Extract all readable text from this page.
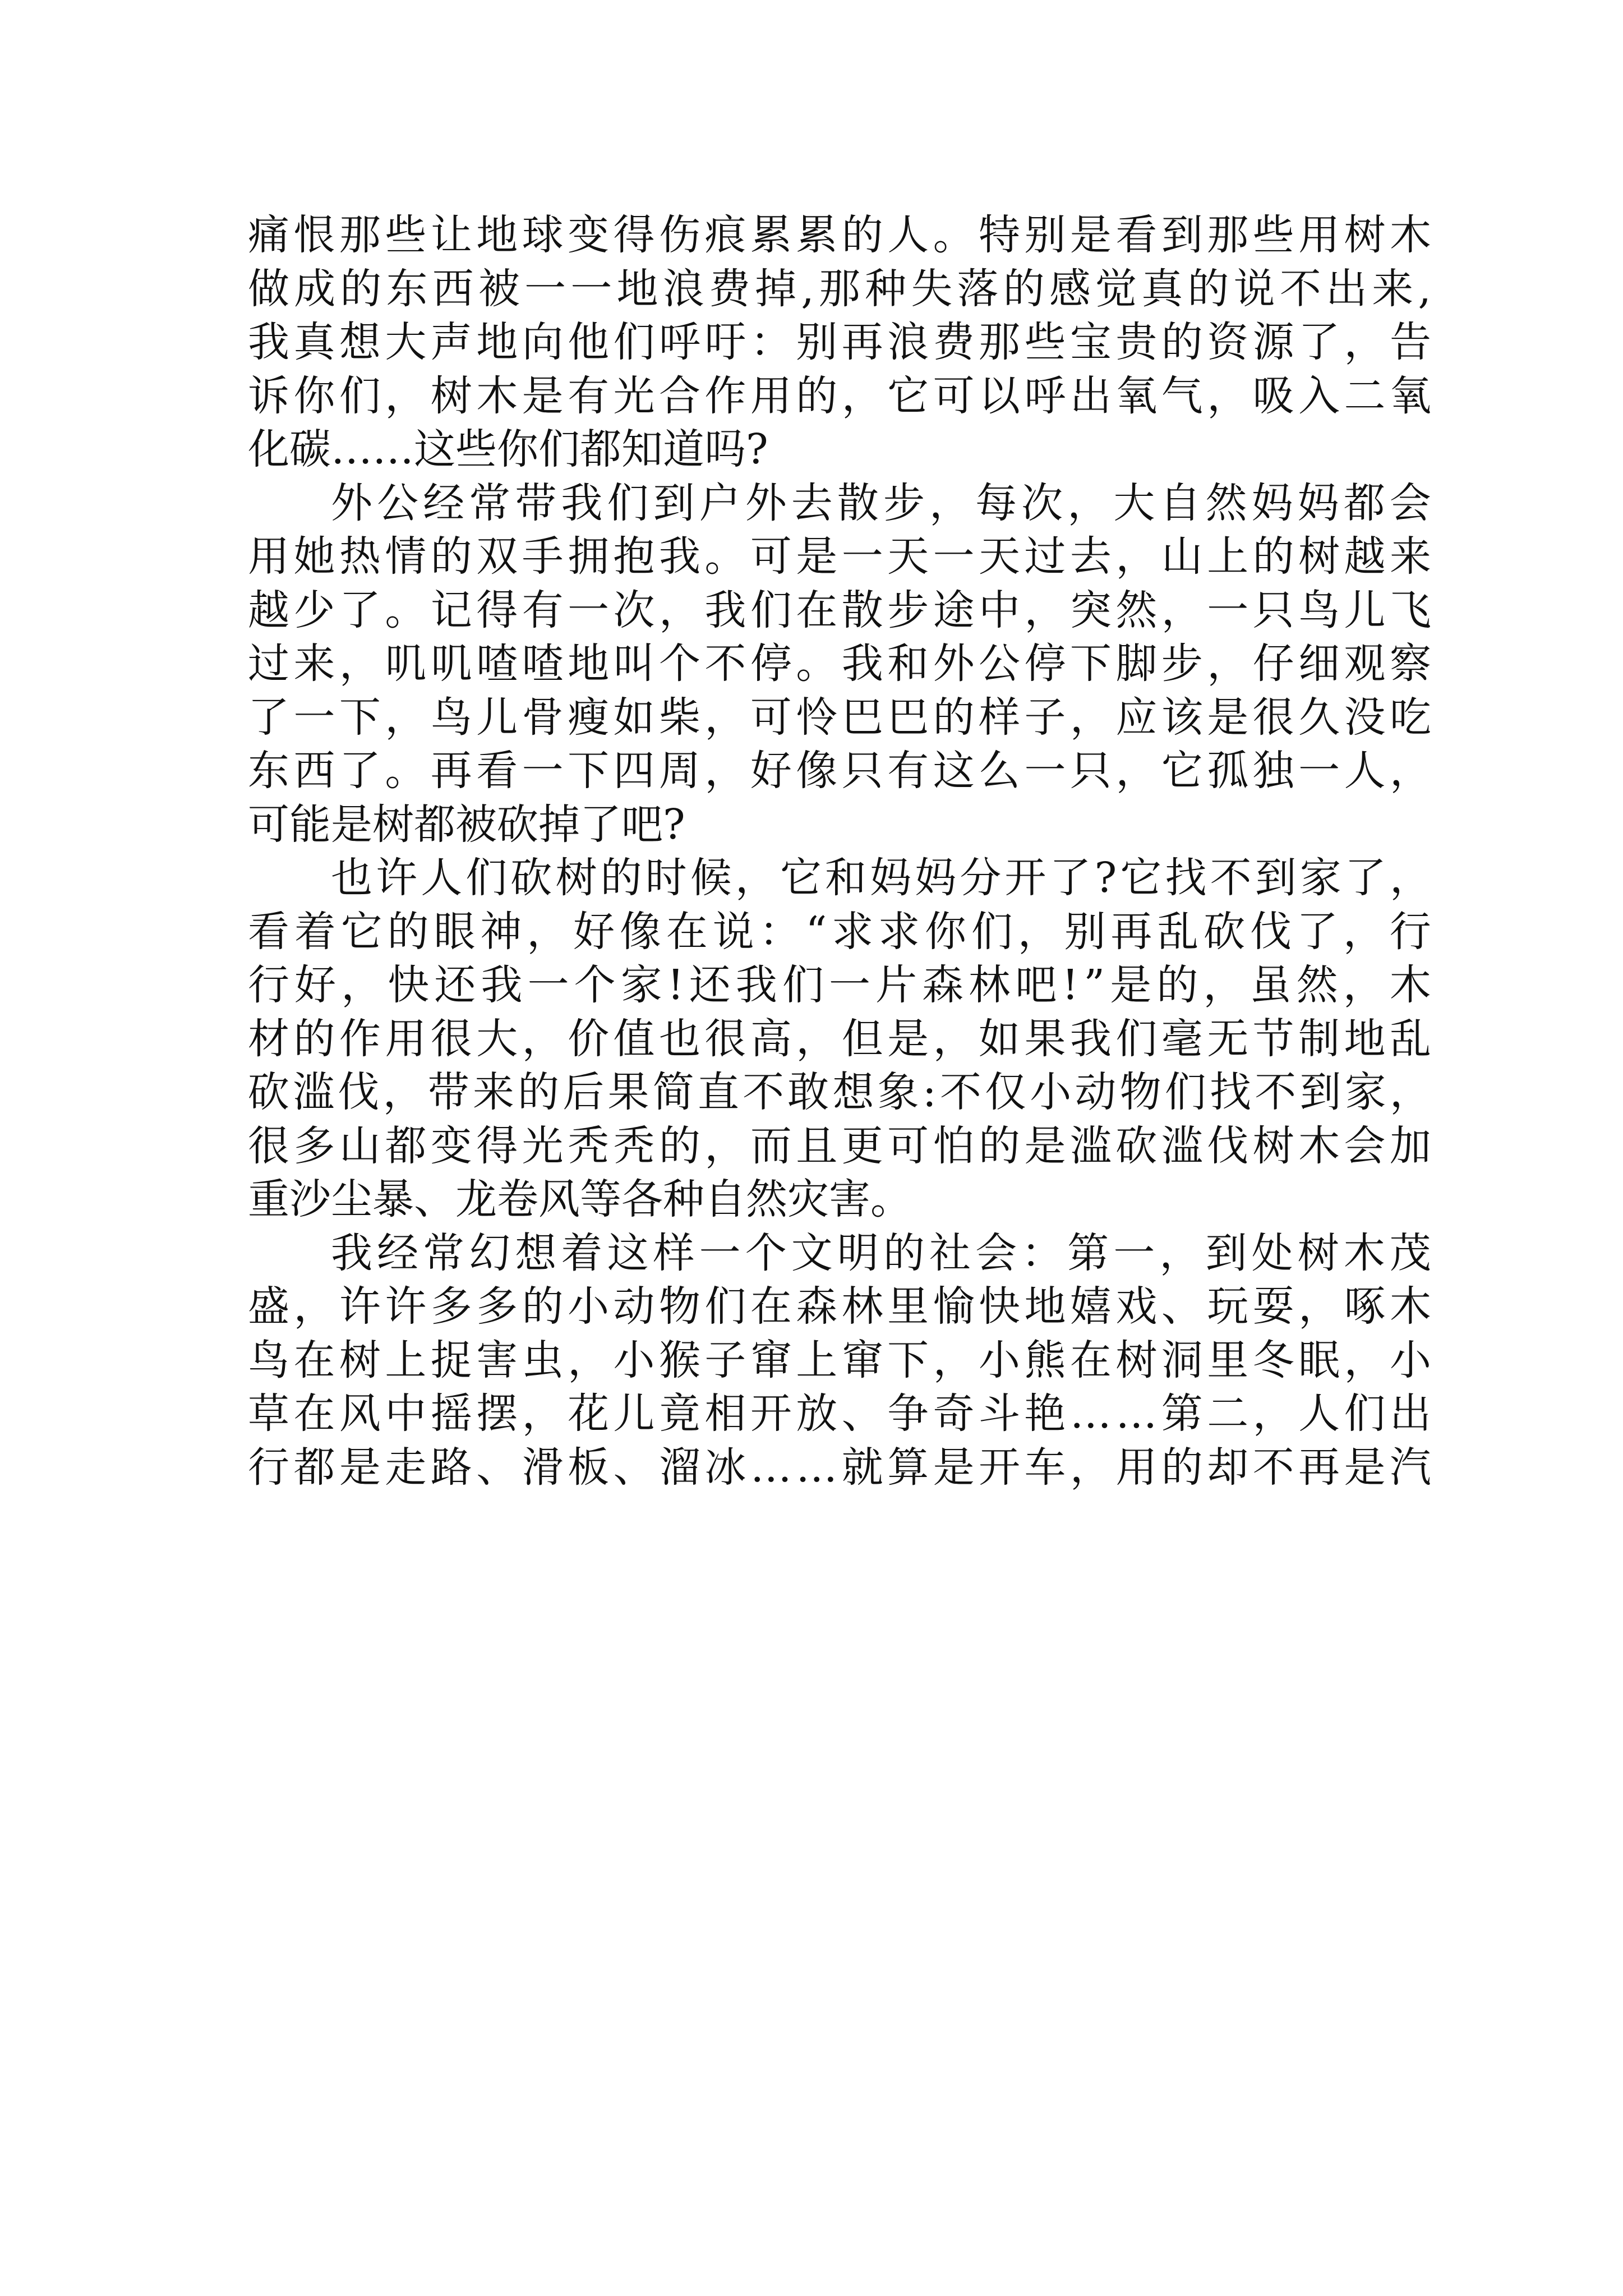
痛 恨 那 些 让 地 球 变 得 伤 痕 累 累 的 人 。 特 别 是 看 到 那 些 用 树 木
做 成 的 东 西 被 一 一 地 浪 费 掉 , 那 种 失 落 的 感 觉 真 的 说 不 出 来 ,
我 真 想 大 声 地 向 他 们 呼 吁 ： 别 再 浪 费 那 些 宝 贵 的 资 源 了 ， 告
诉 你 们 ， 树 木 是 有 光 合 作 用 的 ， 它 可 以 呼 出 氧 气 ， 吸 入 二 氧
化 碳 … … 这 些 你 们 都 知 道 吗 ?
外 公 经 常 带 我 们 到 户 外 去 散 步 ， 每 次 ， 大 自 然 妈 妈 都 会
用 她 热 情 的 双 手 拥 抱 我 。 可 是 一 天 一 天 过 去 ， 山 上 的 树 越 来
越 少 了 。 记 得 有 一 次 ， 我 们 在 散 步 途 中 ， 突 然 ， 一 只 鸟 儿 飞
过 来 ， 叽 叽 喳 喳 地 叫 个 不 停 。 我 和 外 公 停 下 脚 步 ， 仔 细 观 察
了 一 下 ， 鸟 儿 骨 瘦 如 柴 ， 可 怜 巴 巴 的 样 子 ， 应 该 是 很 久 没 吃
东 西 了 。 再 看 一 下 四 周 ， 好 像 只 有 这 么 一 只 ， 它 孤 独 一 人 ，
可 能 是 树 都 被 砍 掉 了 吧 ?
也 许 人 们 砍 树 的 时 候 ， 它 和 妈 妈 分 开 了 ? 它 找 不 到 家 了 ，
看 着 它 的 眼 神 ， 好 像 在 说 ： “ 求 求 你 们 ， 别 再 乱 砍 伐 了 ， 行
行 好 ， 快 还 我 一 个 家 ! 还 我 们 一 片 森 林 吧 ! ” 是 的 ， 虽 然 ， 木
材 的 作 用 很 大 ， 价 值 也 很 高 ， 但 是 ， 如 果 我 们 毫 无 节 制 地 乱
砍 滥 伐 ， 带 来 的 后 果 简 直 不 敢 想 象 : 不 仅 小 动 物 们 找 不 到 家 ，
很 多 山 都 变 得 光 秃 秃 的 ， 而 且 更 可 怕 的 是 滥 砍 滥 伐 树 木 会 加
重 沙 尘 暴 、 龙 卷 风 等 各 种 自 然 灾 害 。
我 经 常 幻 想 着 这 样 一 个 文 明 的 社 会 ： 第 一 ， 到 处 树 木 茂
盛 ， 许 许 多 多 的 小 动 物 们 在 森 林 里 愉 快 地 嬉 戏 、 玩 耍 ， 啄 木
鸟 在 树 上 捉 害 虫 ， 小 猴 子 窜 上 窜 下 ， 小 熊 在 树 洞 里 冬 眠 ， 小
草 在 风 中 摇 摆 ， 花 儿 竟 相 开 放 、 争 奇 斗 艳 … … 第 二 ， 人 们 出
行 都 是 走 路 、 滑 板 、 溜 冰 … … 就 算 是 开 车 ， 用 的 却 不 再 是 汽
